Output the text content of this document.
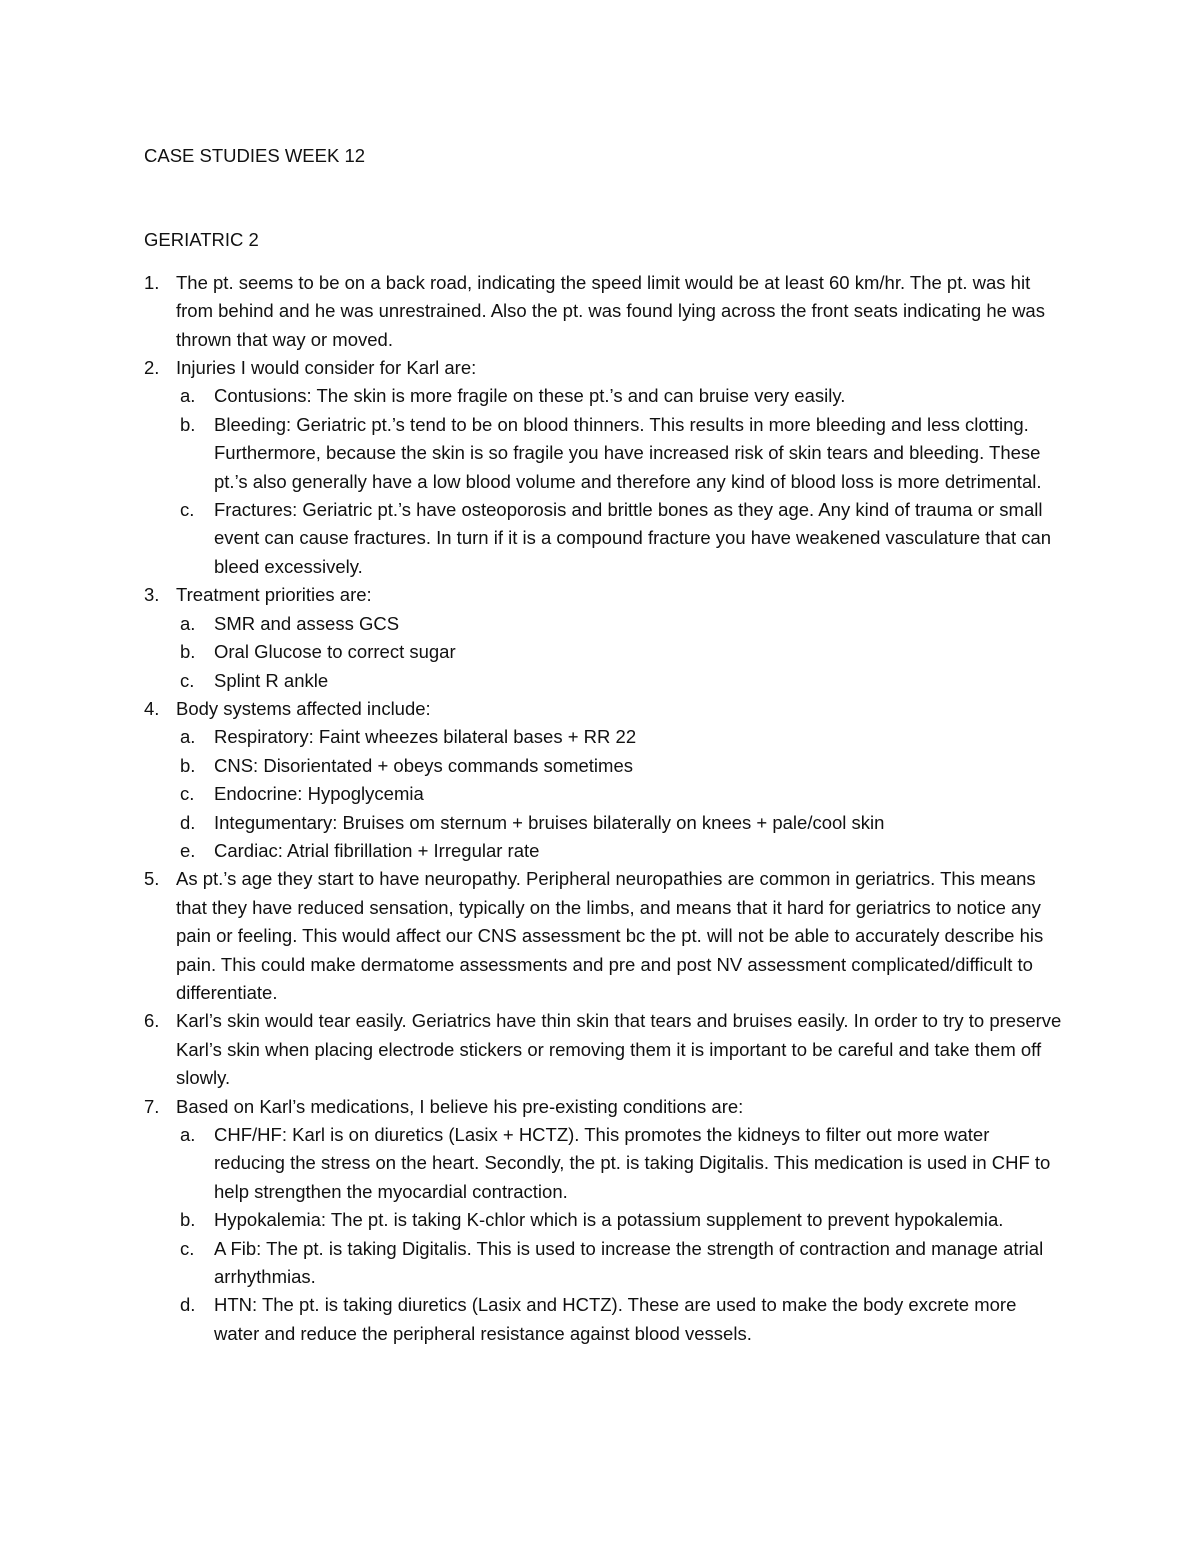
CASE STUDIES WEEK 12
GERIATRIC 2
1. The pt. seems to be on a back road, indicating the speed limit would be at least 60 km/hr. The pt. was hit from behind and he was unrestrained. Also the pt. was found lying across the front seats indicating he was thrown that way or moved.
2. Injuries I would consider for Karl are:
a.	Contusions: The skin is more fragile on these pt.’s and can bruise very easily.
b.	Bleeding: Geriatric pt.’s tend to be on blood thinners. This results in more bleeding and less clotting. Furthermore, because the skin is so fragile you have increased risk of skin tears and bleeding. These pt.’s also generally have a low blood volume and therefore any kind of blood loss is more detrimental.
c.	Fractures: Geriatric pt.’s have osteoporosis and brittle bones as they age. Any kind of trauma or small event can cause fractures. In turn if it is a compound fracture you have weakened vasculature that can bleed excessively.
3. Treatment priorities are:
a.	SMR and assess GCS
b.	Oral Glucose to correct sugar
c.	Splint R ankle
4. Body systems affected include:
a.	Respiratory: Faint wheezes bilateral bases + RR 22
b.	CNS: Disorientated + obeys commands sometimes
c.	Endocrine: Hypoglycemia
d.	Integumentary: Bruises om sternum + bruises bilaterally on knees + pale/cool skin
e.	Cardiac: Atrial fibrillation + Irregular rate
5. As pt.’s age they start to have neuropathy. Peripheral neuropathies are common in geriatrics. This means that they have reduced sensation, typically on the limbs, and means that it hard for geriatrics to notice any pain or feeling. This would affect our CNS assessment bc the pt. will not be able to accurately describe his pain. This could make dermatome assessments and pre and post NV assessment complicated/difficult to differentiate.
6. Karl’s skin would tear easily. Geriatrics have thin skin that tears and bruises easily. In order to try to preserve Karl’s skin when placing electrode stickers or removing them it is important to be careful and take them off slowly.
7. Based on Karl’s medications, I believe his pre-existing conditions are:
a.	CHF/HF: Karl is on diuretics (Lasix + HCTZ). This promotes the kidneys to filter out more water reducing the stress on the heart. Secondly, the pt. is taking Digitalis. This medication is used in CHF to help strengthen the myocardial contraction.
b.	Hypokalemia: The pt. is taking K-chlor which is a potassium supplement to prevent hypokalemia.
c.	A Fib: The pt. is taking Digitalis. This is used to increase the strength of contraction and manage atrial arrhythmias.
d.	HTN: The pt. is taking diuretics (Lasix and HCTZ). These are used to make the body excrete more water and reduce the peripheral resistance against blood vessels.
